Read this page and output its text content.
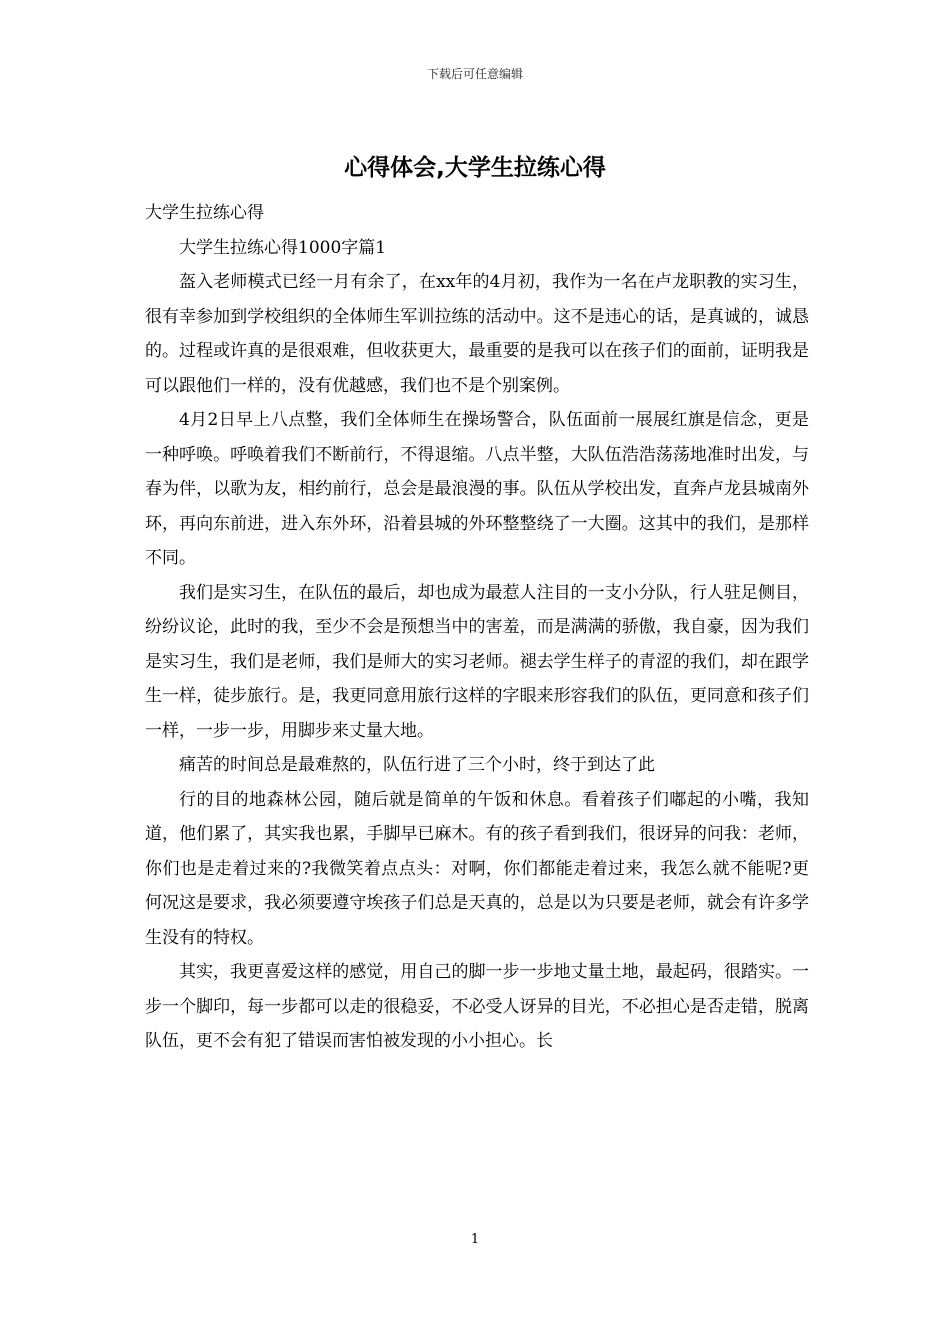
下载后可任意编辑
心得体会,大学生拉练心得

大学生拉练心得

大学生拉练心得1000字篇1

盔入老师模式已经一月有余了，在xx年的4月初，我作为一名在卢龙职教的实习生，很有幸参加到学校组织的全体师生军训拉练的活动中。这不是违心的话，是真诚的，诚恳的。过程或许真的是很艰难，但收获更大，最重要的是我可以在孩子们的面前，证明我是可以跟他们一样的，没有优越感，我们也不是个别案例。

4月2日早上八点整，我们全体师生在操场警合，队伍面前一展展红旗是信念，更是一种呼唤。呼唤着我们不断前行，不得退缩。八点半整，大队伍浩浩荡荡地准时出发，与春为伴，以歌为友，相约前行，总会是最浪漫的事。队伍从学校出发，直奔卢龙县城南外环，再向东前进，进入东外环，沿着县城的外环整整绕了一大圈。这其中的我们，是那样不同。

我们是实习生，在队伍的最后，却也成为最惹人注目的一支小分队，行人驻足侧目，纷纷议论，此时的我，至少不会是预想当中的害羞，而是满满的骄傲，我自豪，因为我们是实习生，我们是老师，我们是师大的实习老师。褪去学生样子的青涩的我们，却在跟学生一样，徒步旅行。是，我更同意用旅行这样的字眼来形容我们的队伍，更同意和孩子们一样，一步一步，用脚步来丈量大地。

痛苦的时间总是最难熬的，队伍行进了三个小时，终于到达了此

行的目的地森林公园，随后就是简单的午饭和休息。看着孩子们嘟起的小嘴，我知道，他们累了，其实我也累，手脚早已麻木。有的孩子看到我们，很讶异的问我：老师，你们也是走着过来的?我微笑着点点头：对啊，你们都能走着过来，我怎么就不能呢?更何况这是要求，我必须要遵守埃孩子们总是天真的，总是以为只要是老师，就会有许多学生没有的特权。

其实，我更喜爱这样的感觉，用自己的脚一步一步地丈量土地，最起码，很踏实。一步一个脚印，每一步都可以走的很稳妥，不必受人讶异的目光，不必担心是否走错，脱离队伍，更不会有犯了错误而害怕被发现的小小担心。长

1
